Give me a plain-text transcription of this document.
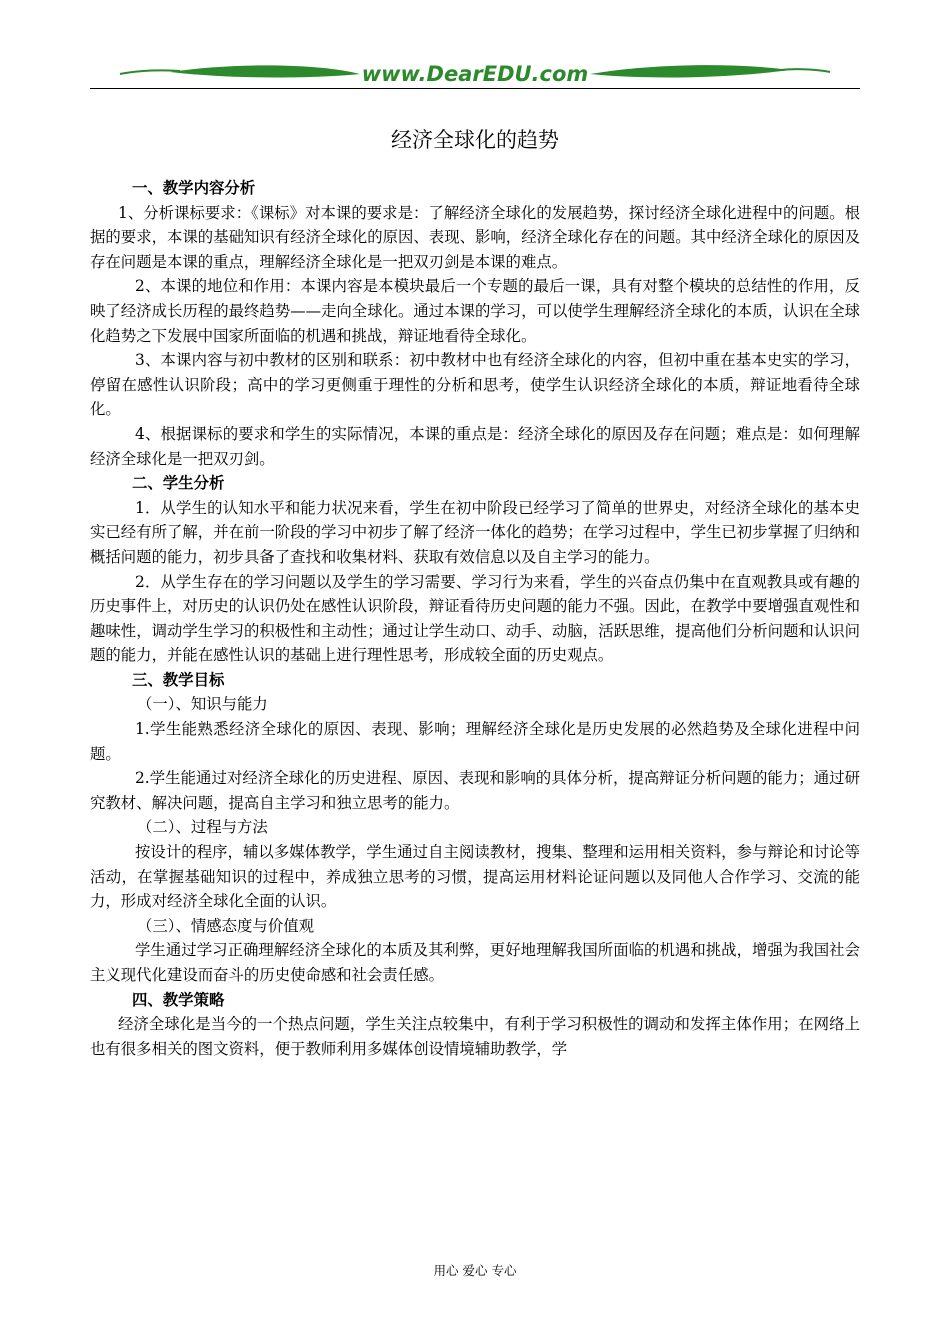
www.DearEDU.com
经济全球化的趋势

一、教学内容分析

1、分析课标要求：《课标》对本课的要求是：了解经济全球化的发展趋势，探讨经济全球化进程中的问题。根据的要求，本课的基础知识有经济全球化的原因、表现、影响，经济全球化存在的问题。其中经济全球化的原因及存在问题是本课的重点，理解经济全球化是一把双刃剑是本课的难点。

2、本课的地位和作用：本课内容是本模块最后一个专题的最后一课，具有对整个模块的总结性的作用，反映了经济成长历程的最终趋势——走向全球化。通过本课的学习，可以使学生理解经济全球化的本质，认识在全球化趋势之下发展中国家所面临的机遇和挑战，辩证地看待全球化。

3、本课内容与初中教材的区别和联系：初中教材中也有经济全球化的内容，但初中重在基本史实的学习，停留在感性认识阶段；高中的学习更侧重于理性的分析和思考，使学生认识经济全球化的本质，辩证地看待全球化。

4、根据课标的要求和学生的实际情况，本课的重点是：经济全球化的原因及存在问题；难点是：如何理解经济全球化是一把双刃剑。

二、学生分析

1．从学生的认知水平和能力状况来看，学生在初中阶段已经学习了简单的世界史，对经济全球化的基本史实已经有所了解，并在前一阶段的学习中初步了解了经济一体化的趋势；在学习过程中，学生已初步掌握了归纳和概括问题的能力，初步具备了查找和收集材料、获取有效信息以及自主学习的能力。

2．从学生存在的学习问题以及学生的学习需要、学习行为来看，学生的兴奋点仍集中在直观教具或有趣的历史事件上，对历史的认识仍处在感性认识阶段，辩证看待历史问题的能力不强。因此，在教学中要增强直观性和趣味性，调动学生学习的积极性和主动性；通过让学生动口、动手、动脑，活跃思维，提高他们分析问题和认识问题的能力，并能在感性认识的基础上进行理性思考，形成较全面的历史观点。

三、教学目标

（一）、知识与能力

1.学生能熟悉经济全球化的原因、表现、影响；理解经济全球化是历史发展的必然趋势及全球化进程中问题。

2.学生能通过对经济全球化的历史进程、原因、表现和影响的具体分析，提高辩证分析问题的能力；通过研究教材、解决问题，提高自主学习和独立思考的能力。

（二）、过程与方法

按设计的程序，辅以多媒体教学，学生通过自主阅读教材，搜集、整理和运用相关资料，参与辩论和讨论等活动，在掌握基础知识的过程中，养成独立思考的习惯，提高运用材料论证问题以及同他人合作学习、交流的能力，形成对经济全球化全面的认识。

（三）、情感态度与价值观

学生通过学习正确理解经济全球化的本质及其利弊，更好地理解我国所面临的机遇和挑战，增强为我国社会主义现代化建设而奋斗的历史使命感和社会责任感。

四、教学策略

经济全球化是当今的一个热点问题，学生关注点较集中，有利于学习积极性的调动和发挥主体作用；在网络上也有很多相关的图文资料，便于教师利用多媒体创设情境辅助教学，学

用心 爱心 专心
